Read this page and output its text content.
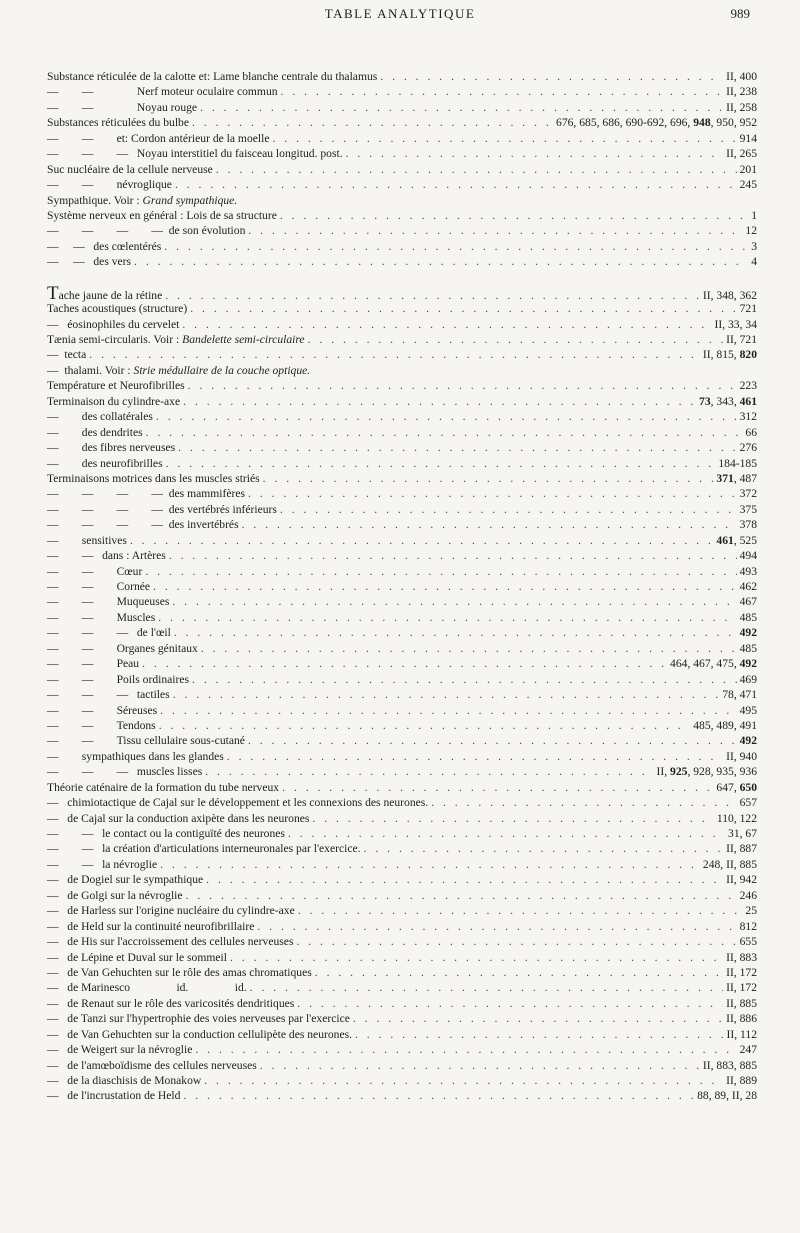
TABLE ANALYTIQUE	989
Substance réticulée de la calotte et: Lame blanche centrale du thalamus . . .	II, 400
—        —               Nerf moteur oculaire commun . . .	II, 238
—        —               Noyau rouge . . .	II, 258
Substances réticulées du bulbe . . .	676, 685, 686, 690-692, 696, 948, 950, 952
—        —        et: Cordon antérieur de la moelle . . .	914
—        —        —   Noyau interstitiel du faisceau longitud. post. . . .	II, 265
Suc nucléaire de la cellule nerveuse . . .	201
—        —        névroglique . . .	245
Sympathique. Voir : Grand sympathique.
Système nerveux en général : Lois de sa structure . . .	1
—        —        —        —  de son évolution . . .	12
—     —   des cœlentérés . . .	3
—     —   des vers . . .	4
Tache jaune de la rétine . . .	II, 348, 362
Taches acoustiques (structure) . . .	721
—   éosinophiles du cervelet . . .	II, 33, 34
Tænia semi-circularis. Voir : Bandelette semi-circulaire . . .	II, 721
—  tecta . . .	II, 815, 820
—  thalami. Voir : Strie médullaire de la couche optique.
Température et Neurofibrilles . . .	223
Terminaison du cylindre-axe . . .	73, 343, 461
—        des collatérales . . .	312
—        des dendrites . . .	66
—        des fibres nerveuses . . .	276
—        des neurofibrilles . . .	184-185
Terminaisons motrices dans les muscles striés . . .	371, 487
—        —        —        —  des mammifères . . .	372
—        —        —        —  des vertébrés inférieurs . . .	375
—        —        —        —  des invertébrés . . .	378
—        sensitives . . .	461, 525
—        —   dans : Artères . . .	494
—        —        Cœur . . .	493
—        —        Cornée . . .	462
—        —        Muqueuses . . .	467
—        —        Muscles . . .	485
—        —        —   de l'œil . . .	492
—        —        Organes génitaux . . .	485
—        —        Peau . . .	464, 467, 475, 492
—        —        Poils ordinaires . . .	469
—        —        —   tactiles . . .	78, 471
—        —        Séreuses . . .	495
—        —        Tendons . . .	485, 489, 491
—        —        Tissu cellulaire sous-cutané . . .	492
—        sympathiques dans les glandes . . .	II, 940
—        —        —   muscles lisses . . .	II, 925, 928, 935, 936
Théorie caténaire de la formation du tube nerveux . . .	647, 650
—   chimiotactique de Cajal sur le développement et les connexions des neurones. . . .	657
—   de Cajal sur la conduction axipète dans les neurones . . .	110, 122
—        —   le contact ou la contiguïté des neurones . . .	31, 67
—        —   la création d'articulations interneuronales par l'exercice. . . .	II, 887
—        —   la névroglie . . .	248, II, 885
—   de Dogiel sur le sympathique . . .	II, 942
—   de Golgi sur la névroglie . . .	246
—   de Harless sur l'origine nucléaire du cylindre-axe . . .	25
—   de Held sur la continuité neurofibrillaire . . .	812
—   de His sur l'accroissement des cellules nerveuses . . .	655
—   de Lépine et Duval sur le sommeil . . .	II, 883
—   de Van Gehuchten sur le rôle des amas chromatiques . . .	II, 172
—   de Marinesco                id.                id. . . .	II, 172
—   de Renaut sur le rôle des varicosités dendritiques . . .	II, 885
—   de Tanzi sur l'hypertrophie des voies nerveuses par l'exercice . . .	II, 886
—   de Van Gehuchten sur la conduction cellulipète des neurones. . . .	II, 112
—   de Weigert sur la névroglie . . .	247
—   de l'amœboïdisme des cellules nerveuses . . .	II, 883, 885
—   de la diaschisis de Monakow . . .	II, 889
—   de l'incrustation de Held . . .	88, 89, II, 28
